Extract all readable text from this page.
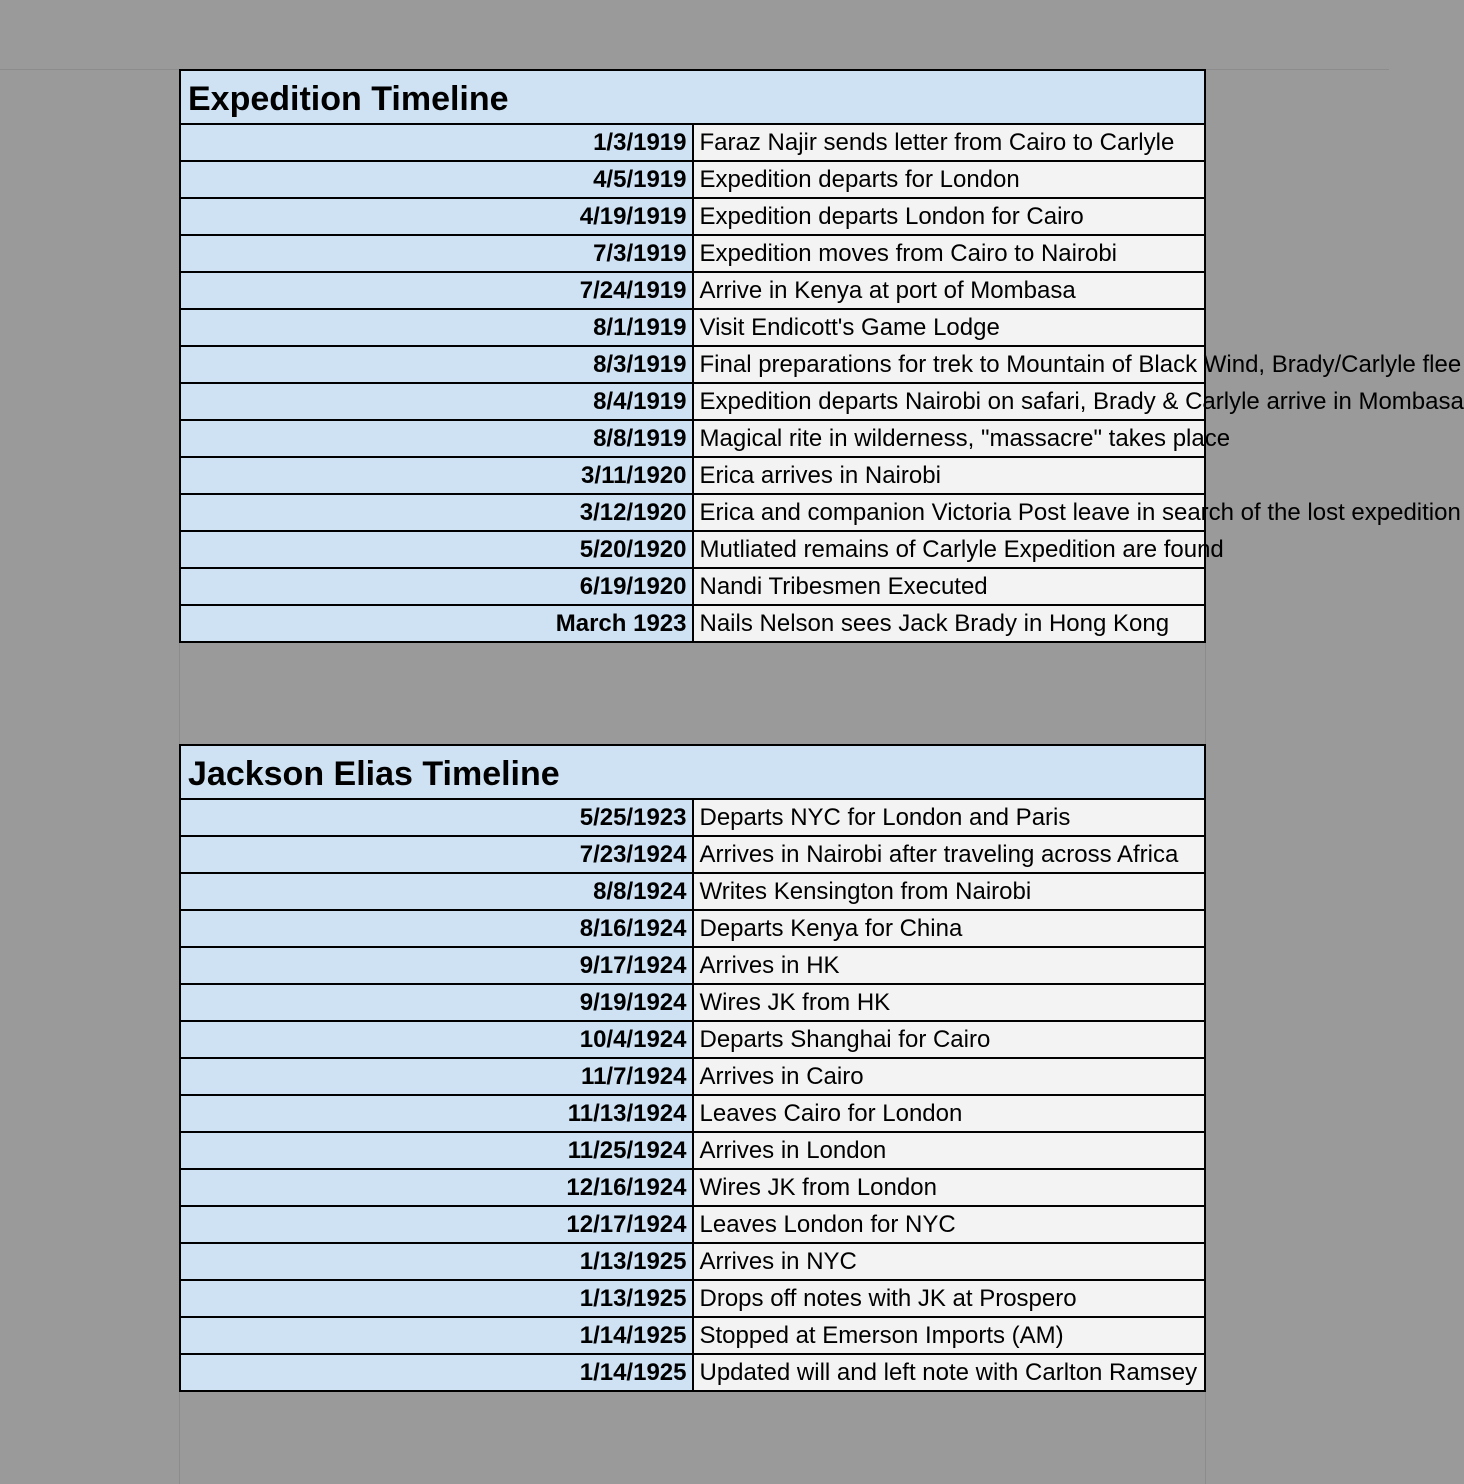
Expedition Timeline	
1/3/1919	Faraz Najir sends letter from Cairo to Carlyle
4/5/1919	Expedition departs for London
4/19/1919	Expedition departs London for Cairo
7/3/1919	Expedition moves from Cairo to Nairobi
7/24/1919	Arrive in Kenya at port of Mombasa
8/1/1919	Visit Endicott's Game Lodge
8/3/1919	Final preparations for trek to Mountain of Black Wind, Brady/Carlyle flee
8/4/1919	Expedition departs Nairobi on safari, Brady & Carlyle arrive in Mombasa
8/8/1919	Magical rite in wilderness, "massacre" takes place
3/11/1920	Erica arrives in Nairobi
3/12/1920	Erica and companion Victoria Post leave in search of the lost expedition
5/20/1920	Mutliated remains of Carlyle Expedition are found
6/19/1920	Nandi Tribesmen Executed
March 1923	Nails Nelson sees Jack Brady in Hong Kong
Jackson Elias Timeline	
5/25/1923	Departs NYC for London and Paris
7/23/1924	Arrives in Nairobi after traveling across Africa
8/8/1924	Writes Kensington from Nairobi
8/16/1924	Departs Kenya for China
9/17/1924	Arrives in HK
9/19/1924	Wires JK from HK
10/4/1924	Departs Shanghai for Cairo
11/7/1924	Arrives in Cairo
11/13/1924	Leaves Cairo for London
11/25/1924	Arrives in London
12/16/1924	Wires JK from London
12/17/1924	Leaves London for NYC
1/13/1925	Arrives in NYC
1/13/1925	Drops off notes with JK at Prospero
1/14/1925	Stopped at Emerson Imports (AM)
1/14/1925	Updated will and left note with Carlton Ramsey
